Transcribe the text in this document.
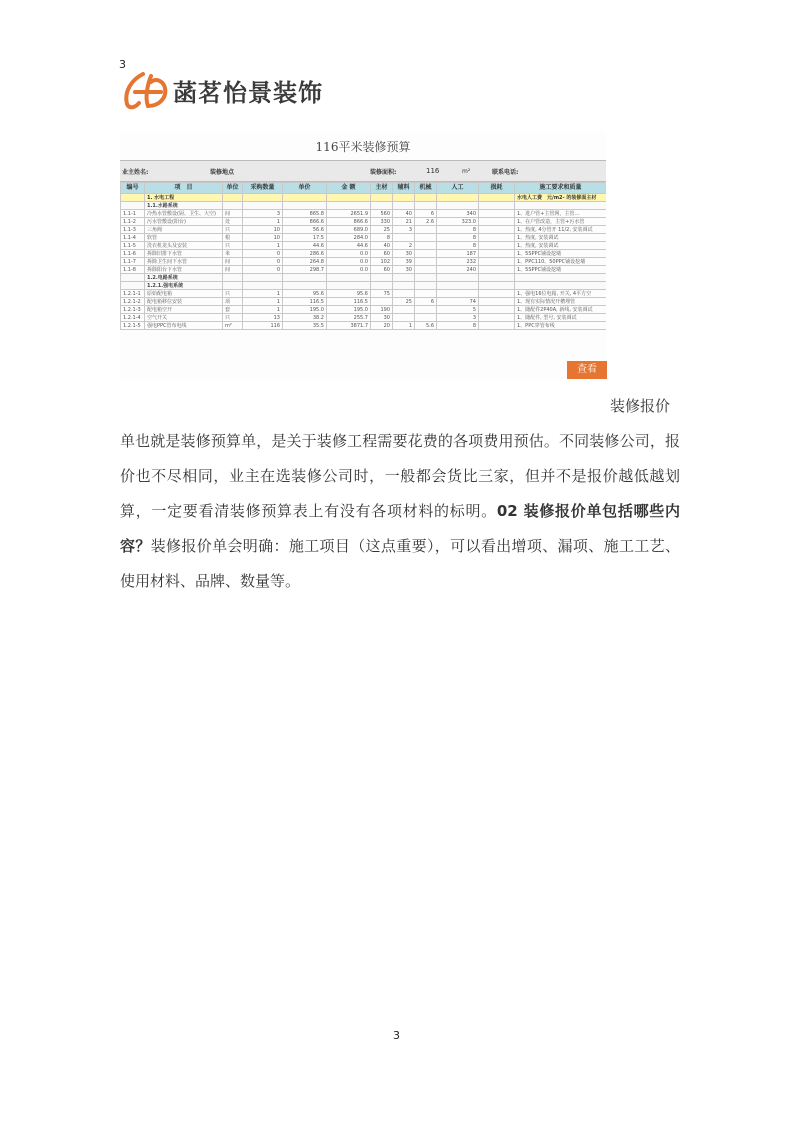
3
菡茗怡景装饰
116平米装修预算
业主姓名:	装修地点	装修面积:	116	m²	联系电话:
编号	项　目	单位	采购数量	单价	金 额	主材	辅料	机械	人工	损耗	施工要求和质量
	1. 水电工程										水电人工费　元/m2- 的装修面主材
	1.1.水路系统										
1.1-1	冷热水管敷设(厨、卫生、大空)	间	3	865.8	2651.9	560	40	6	340		1、进户管+主管网，主管…
1.1-2	污水管敷设(阳台)	处	1	866.6	866.6	330	21	2.6	323.0		1、在户管改造，主管+污水管
1.1-3	三角阀	只	10	56.6	689.0	25	3		8		1、热度, 4分管开 11/2, 安装调试
1.1-4	软管	根	10	17.5	284.0	8			8		1、热度, 安装调试
1.1-5	洗衣机龙头及安装	只	1	44.6	44.6	40	2		8		1、热度, 安装调试
1.1-6	拆除旧排下水管	米	0	286.6	0.0	60	30		187		1、5SPPC铺设挖墙
1.1-7	拆除卫生间下水管	间	0	264.8	0.0	102	39		232		1、PPC110、50PPC铺设挖墙
1.1-8	拆除阳台下水管	间	0	298.7	0.0	60	30		240		1、5SPPC铺设挖墙
	1.2.电路系统										
	1.2.1.强电系统										
1.2.1-1	原始配电箱	只	1	95.6	95.6	75					1、强电16位电箱, 开关, 4平方空
1.2.1-2	配电箱移位安装	项	1	116.5	116.5		25	6	74		1、现有实际情况开槽埋管
1.2.1-3	配电箱空开	套	1	195.0	195.0	190			5		1、随配件2P40A, 新线, 安装调试
1.2.1-4	空气开关	只	13	38.2	255.7	30			3		1、随配件, 型号, 安装调试
1.2.1-5	强电PPC管布电线	m²	116	35.5	3871.7	20	1	5.6	8		1、PPC穿管布线
查看
装修报价
单也就是装修预算单，是关于装修工程需要花费的各项费用预估。不同装修公司，报价也不尽相同，业主在选装修公司时，一般都会货比三家，但并不是报价越低越划算，一定要看清装修预算表上有没有各项材料的标明。02 装修报价单包括哪些内容？装修报价单会明确：施工项目（这点重要），可以看出增项、漏项、施工工艺、使用材料、品牌、数量等。
3
